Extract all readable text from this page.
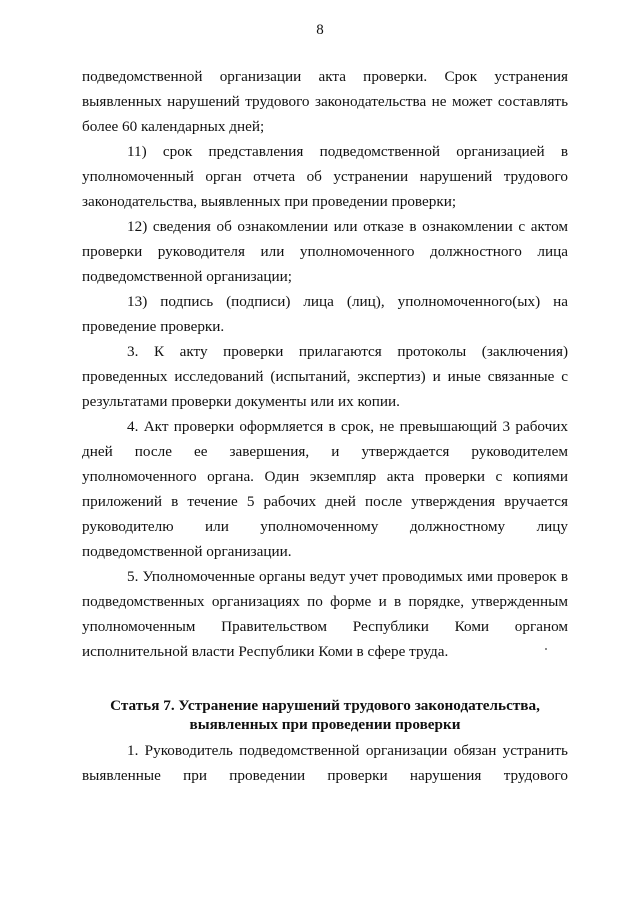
8

подведомственной организации акта проверки. Срок устранения выявленных нарушений трудового законодательства не может составлять более 60 календарных дней;

11) срок представления подведомственной организацией в уполномоченный орган отчета об устранении нарушений трудового законодательства, выявленных при проведении проверки;

12) сведения об ознакомлении или отказе в ознакомлении с актом проверки руководителя или уполномоченного должностного лица подведомственной организации;

13) подпись (подписи) лица (лиц), уполномоченного(ых) на проведение проверки.

3. К акту проверки прилагаются протоколы (заключения) проведенных исследований (испытаний, экспертиз) и иные связанные с результатами проверки документы или их копии.

4. Акт проверки оформляется в срок, не превышающий 3 рабочих дней после ее завершения, и утверждается руководителем уполномоченного органа. Один экземпляр акта проверки с копиями приложений в течение 5 рабочих дней после утверждения вручается руководителю или уполномоченному должностному лицу подведомственной организации.

5. Уполномоченные органы ведут учет проводимых ими проверок в подведомственных организациях по форме и в порядке, утвержденным уполномоченным Правительством Республики Коми органом исполнительной власти Республики Коми в сфере труда.

Статья 7. Устранение нарушений трудового законодательства,
выявленных при проведении проверки

1. Руководитель подведомственной организации обязан устранить выявленные при проведении проверки нарушения трудового
